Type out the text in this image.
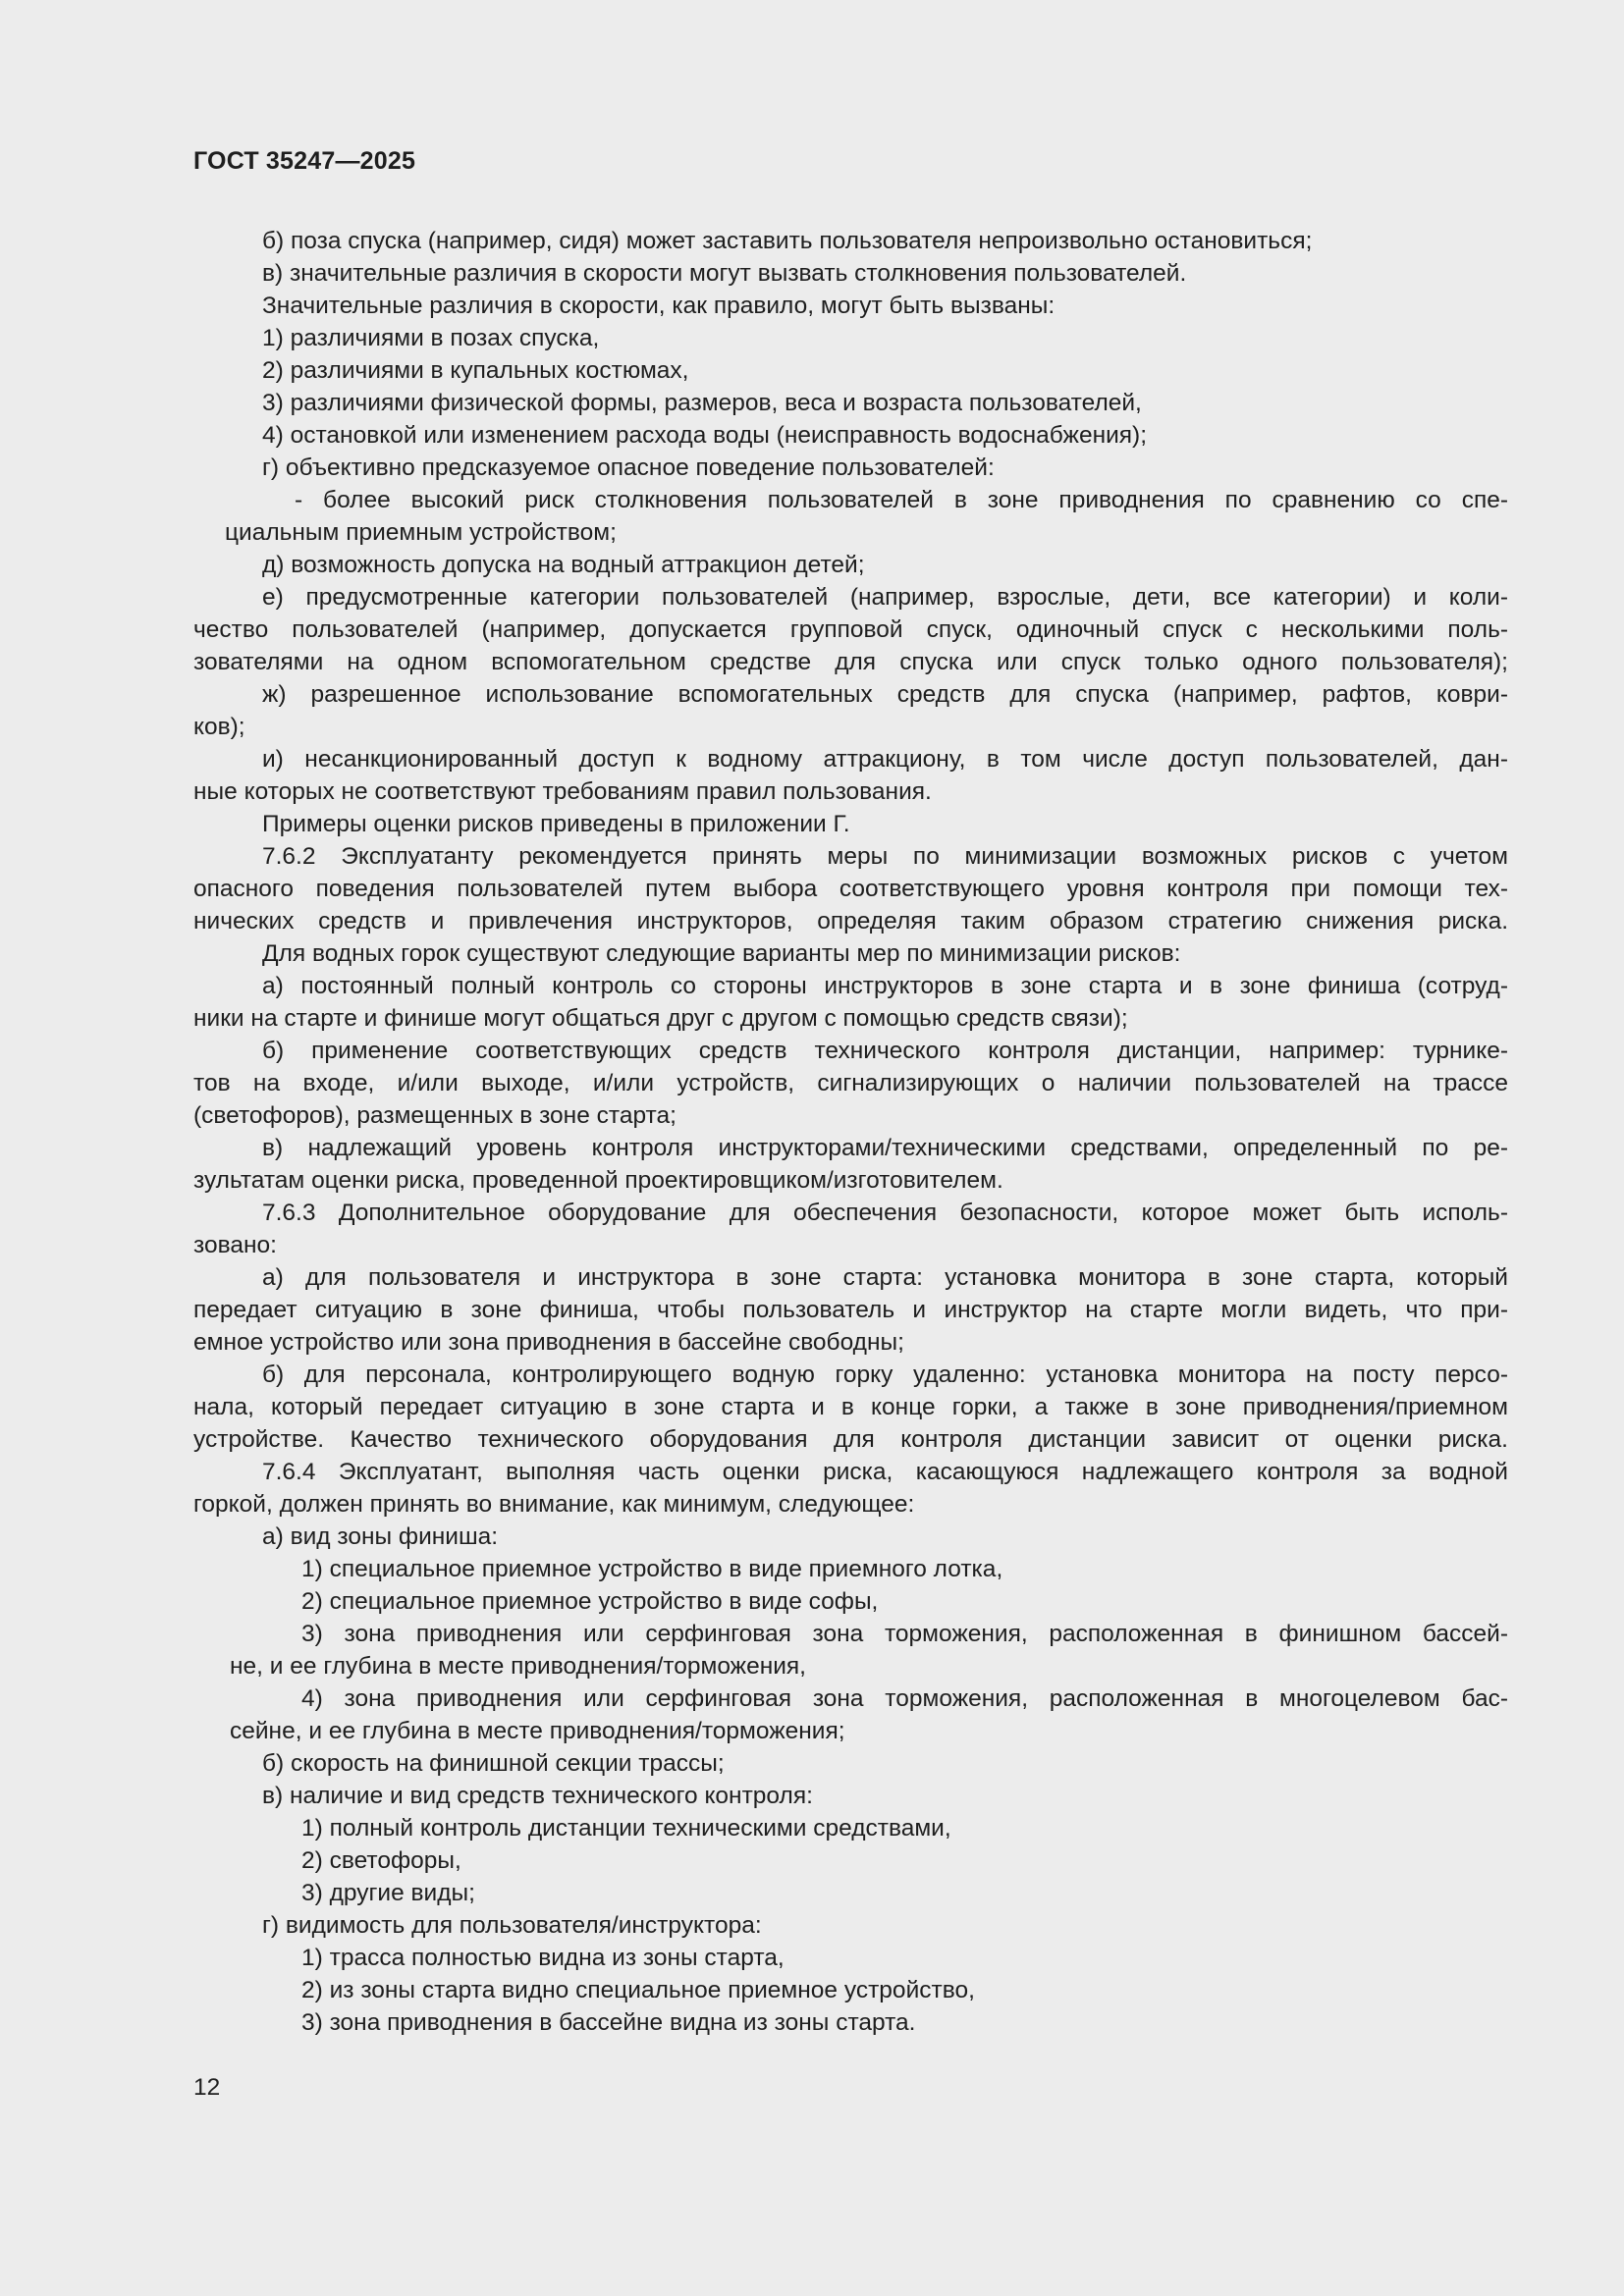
ГОСТ 35247—2025
б) поза спуска (например, сидя) может заставить пользователя непроизвольно остановиться;
в) значительные различия в скорости могут вызвать столкновения пользователей.
Значительные различия в скорости, как правило, могут быть вызваны:
1) различиями в позах спуска,
2) различиями в купальных костюмах,
3) различиями физической формы, размеров, веса и возраста пользователей,
4) остановкой или изменением расхода воды (неисправность водоснабжения);
г) объективно предсказуемое опасное поведение пользователей:
- более высокий риск столкновения пользователей в зоне приводнения по сравнению со спе-
циальным приемным устройством;
д) возможность допуска на водный аттракцион детей;
е) предусмотренные категории пользователей (например, взрослые, дети, все категории) и коли-
чество пользователей (например, допускается групповой спуск, одиночный спуск с несколькими поль-
зователями на одном вспомогательном средстве для спуска или спуск только одного пользователя);
ж) разрешенное использование вспомогательных средств для спуска (например, рафтов, коври-
ков);
и) несанкционированный доступ к водному аттракциону, в том числе доступ пользователей, дан-
ные которых не соответствуют требованиям правил пользования.
Примеры оценки рисков приведены в приложении Г.
7.6.2 Эксплуатанту рекомендуется принять меры по минимизации возможных рисков с учетом
опасного поведения пользователей путем выбора соответствующего уровня контроля при помощи тех-
нических средств и привлечения инструкторов, определяя таким образом стратегию снижения риска.
Для водных горок существуют следующие варианты мер по минимизации рисков:
а) постоянный полный контроль со стороны инструкторов в зоне старта и в зоне финиша (сотруд-
ники на старте и финише могут общаться друг с другом с помощью средств связи);
б) применение соответствующих средств технического контроля дистанции, например: турнике-
тов на входе, и/или выходе, и/или устройств, сигнализирующих о наличии пользователей на трассе
(светофоров), размещенных в зоне старта;
в) надлежащий уровень контроля инструкторами/техническими средствами, определенный по ре-
зультатам оценки риска, проведенной проектировщиком/изготовителем.
7.6.3 Дополнительное оборудование для обеспечения безопасности, которое может быть исполь-
зовано:
а) для пользователя и инструктора в зоне старта: установка монитора в зоне старта, который
передает ситуацию в зоне финиша, чтобы пользователь и инструктор на старте могли видеть, что при-
емное устройство или зона приводнения в бассейне свободны;
б) для персонала, контролирующего водную горку удаленно: установка монитора на посту персо-
нала, который передает ситуацию в зоне старта и в конце горки, а также в зоне приводнения/приемном
устройстве. Качество технического оборудования для контроля дистанции зависит от оценки риска.
7.6.4 Эксплуатант, выполняя часть оценки риска, касающуюся надлежащего контроля за водной
горкой, должен принять во внимание, как минимум, следующее:
а) вид зоны финиша:
1) специальное приемное устройство в виде приемного лотка,
2) специальное приемное устройство в виде софы,
3) зона приводнения или серфинговая зона торможения, расположенная в финишном бассей-
не, и ее глубина в месте приводнения/торможения,
4) зона приводнения или серфинговая зона торможения, расположенная в многоцелевом бас-
сейне, и ее глубина в месте приводнения/торможения;
б) скорость на финишной секции трассы;
в) наличие и вид средств технического контроля:
1) полный контроль дистанции техническими средствами,
2) светофоры,
3) другие виды;
г) видимость для пользователя/инструктора:
1) трасса полностью видна из зоны старта,
2) из зоны старта видно специальное приемное устройство,
3) зона приводнения в бассейне видна из зоны старта.
12
